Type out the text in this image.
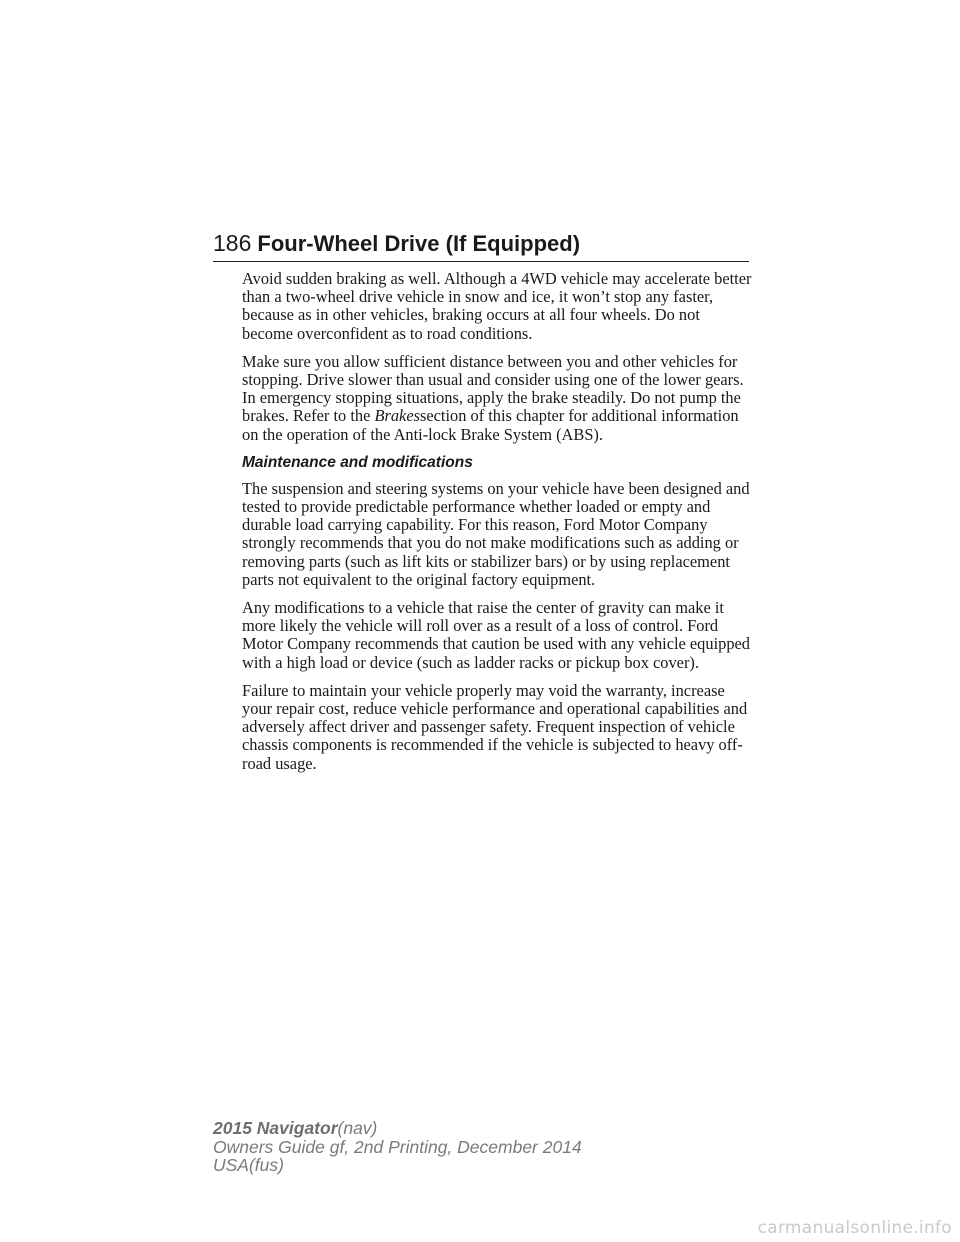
186 Four-Wheel Drive (If Equipped)

Avoid sudden braking as well. Although a 4WD vehicle may accelerate better than a two-wheel drive vehicle in snow and ice, it won’t stop any faster, because as in other vehicles, braking occurs at all four wheels. Do not become overconfident as to road conditions.

Make sure you allow sufficient distance between you and other vehicles for stopping. Drive slower than usual and consider using one of the lower gears. In emergency stopping situations, apply the brake steadily. Do not pump the brakes. Refer to the Brakessection of this chapter for additional information on the operation of the Anti-lock Brake System (ABS).

Maintenance and modifications

The suspension and steering systems on your vehicle have been designed and tested to provide predictable performance whether loaded or empty and durable load carrying capability. For this reason, Ford Motor Company strongly recommends that you do not make modifications such as adding or removing parts (such as lift kits or stabilizer bars) or by using replacement parts not equivalent to the original factory equipment.

Any modifications to a vehicle that raise the center of gravity can make it more likely the vehicle will roll over as a result of a loss of control. Ford Motor Company recommends that caution be used with any vehicle equipped with a high load or device (such as ladder racks or pickup box cover).

Failure to maintain your vehicle properly may void the warranty, increase your repair cost, reduce vehicle performance and operational capabilities and adversely affect driver and passenger safety. Frequent inspection of vehicle chassis components is recommended if the vehicle is subjected to heavy off-road usage.

2015 Navigator(nav)
Owners Guide gf, 2nd Printing, December 2014
USA(fus)
carmanualsonline.info
